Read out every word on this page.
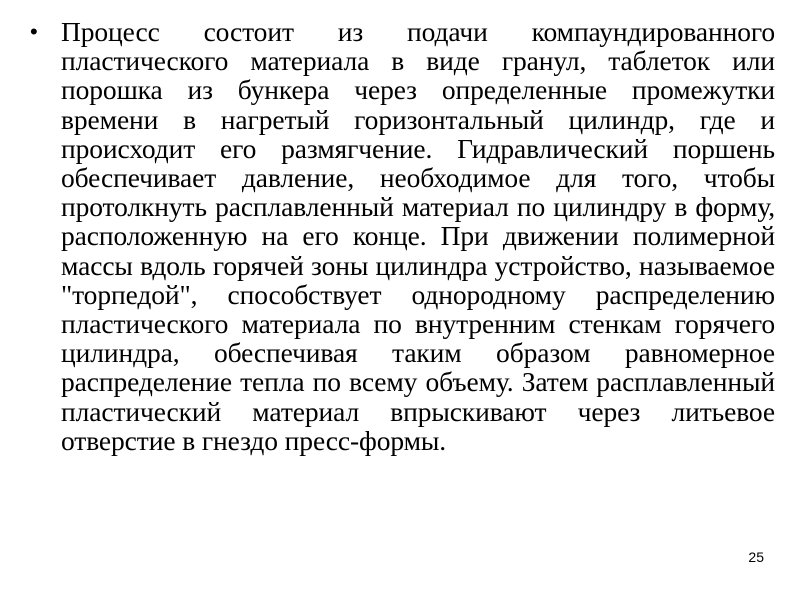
• Процесс состоит из подачи компаундированного пластического материала в виде гранул, таблеток или порошка из бункера через определенные промежутки времени в нагретый горизонтальный цилиндр, где и происходит его размягчение. Гидравлический поршень обеспечивает давление, необходимое для того, чтобы протолкнуть расплавленный материал по цилиндру в форму, расположенную на его конце. При движении полимерной массы вдоль горячей зоны цилиндра устройство, называемое "торпедой", способствует однородному распределению пластического материала по внутренним стенкам горячего цилиндра, обеспечивая таким образом равномерное распределение тепла по всему объему. Затем расплавленный пластический материал впрыскивают через литьевое отверстие в гнездо пресс-формы.

25
